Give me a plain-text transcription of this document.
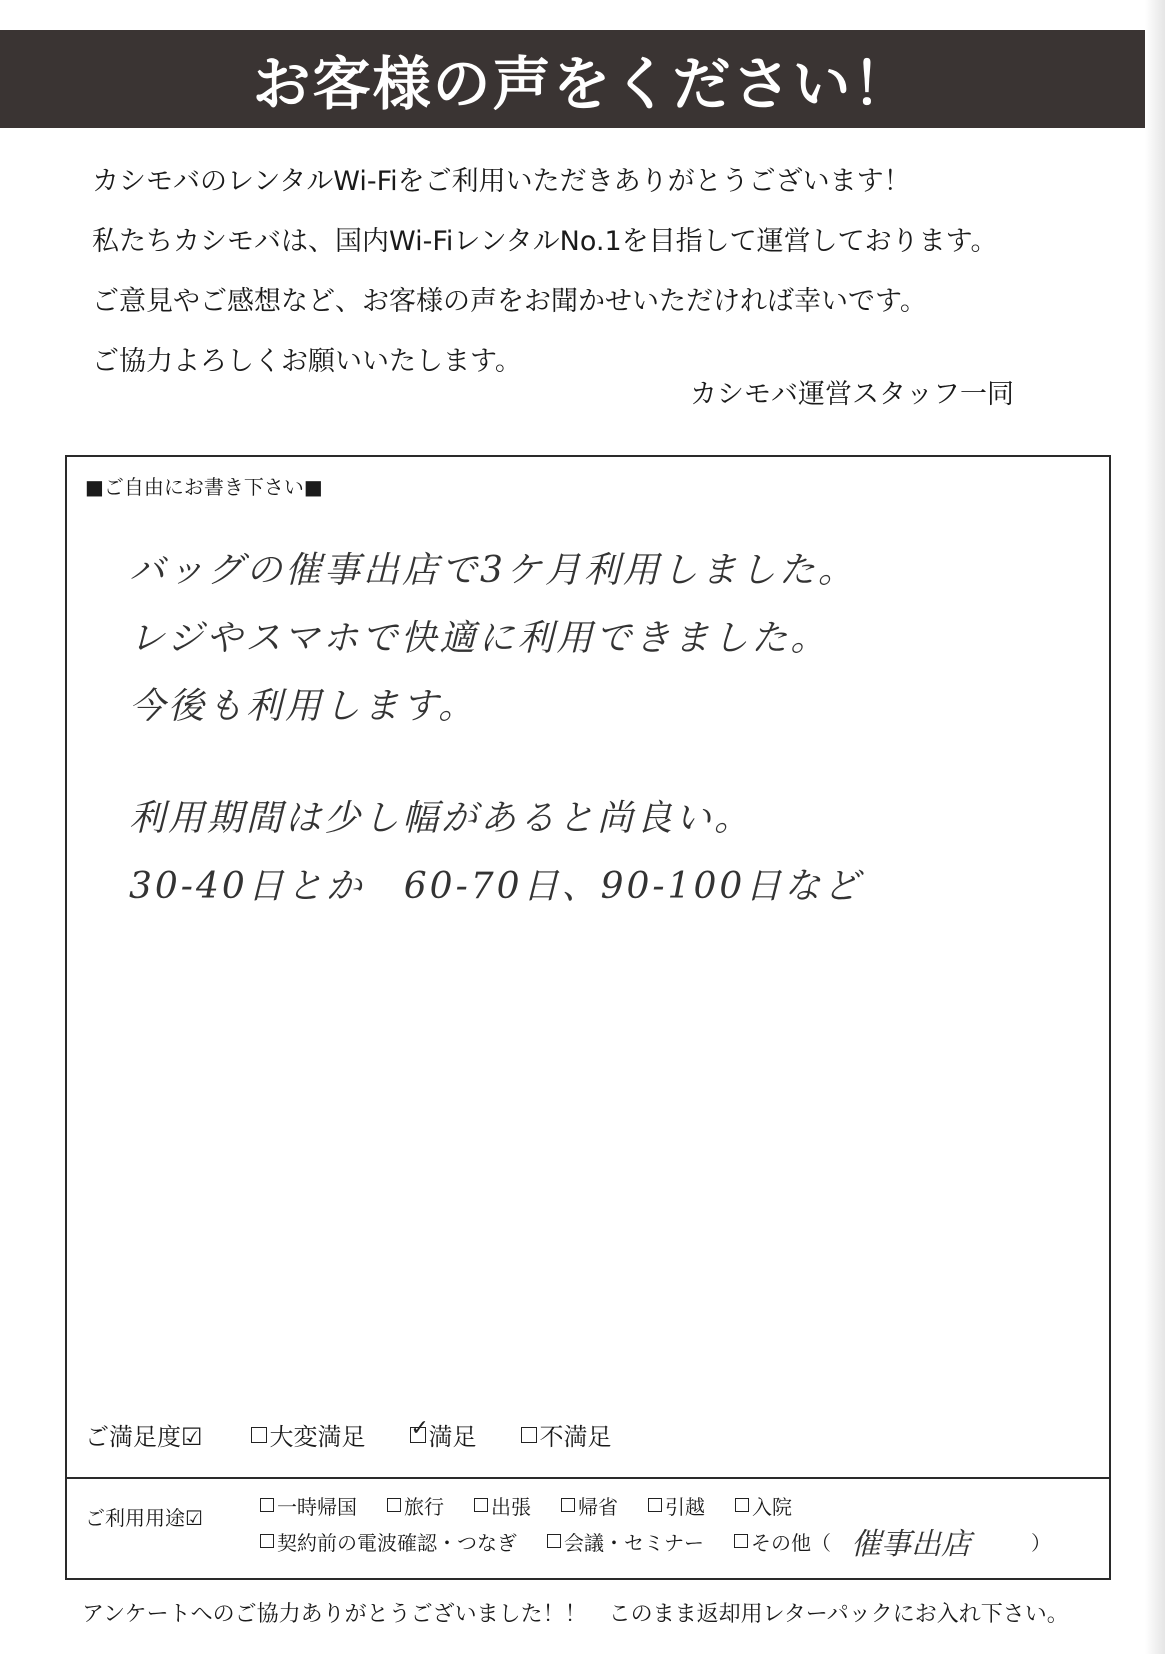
お客様の声をください！
カシモバのレンタルWi-Fiをご利用いただきありがとうございます！
私たちカシモバは、国内Wi-FiレンタルNo.1を目指して運営しております。
ご意見やご感想など、お客様の声をお聞かせいただければ幸いです。
ご協力よろしくお願いいたします。
カシモバ運営スタッフ一同
■ご自由にお書き下さい■
バッグの催事出店で3ケ月利用しました。
レジやスマホで快適に利用できました。
今後も利用します。
利用期間は少し幅があると尚良い。
30-40日とか　60-70日、90-100日など
ご満足度☑	大変満足
✓	満足	不満足
ご利用用途☑	一時帰国 旅行 出張 帰省 引越 入院
契約前の電波確認・つなぎ 会議・セミナー その他（ 催事出店	）
アンケートへのご協力ありがとうございました！！　このまま返却用レターパックにお入れ下さい。
